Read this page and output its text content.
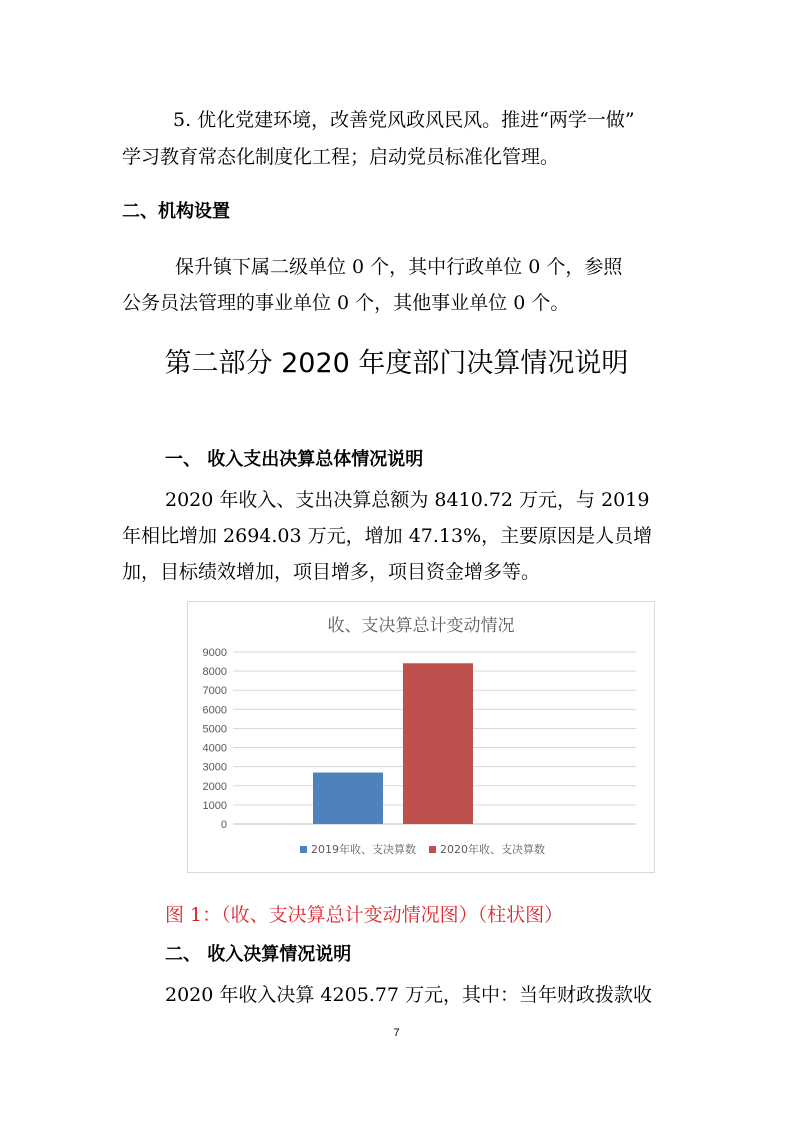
5. 优化党建环境，改善党风政风民风。推进“两学一做”
学习教育常态化制度化工程；启动党员标准化管理。
二、机构设置
保升镇下属二级单位 0 个，其中行政单位 0 个，参照
公务员法管理的事业单位 0 个，其他事业单位 0 个。
第二部分 2020 年度部门决算情况说明
一、 收入支出决算总体情况说明
2020 年收入、支出决算总额为 8410.72 万元，与 2019
年相比增加 2694.03 万元，增加 47.13%，主要原因是人员增
加，目标绩效增加，项目增多，项目资金增多等。
收、支决算总计变动情况
0
1000
2000
3000
4000
5000
6000
7000
8000
9000
2019年收、支决算数 2020年收、支决算数
图 1：（收、支决算总计变动情况图）（柱状图）
二、 收入决算情况说明
2020 年收入决算 4205.77 万元，其中：当年财政拨款收
7
